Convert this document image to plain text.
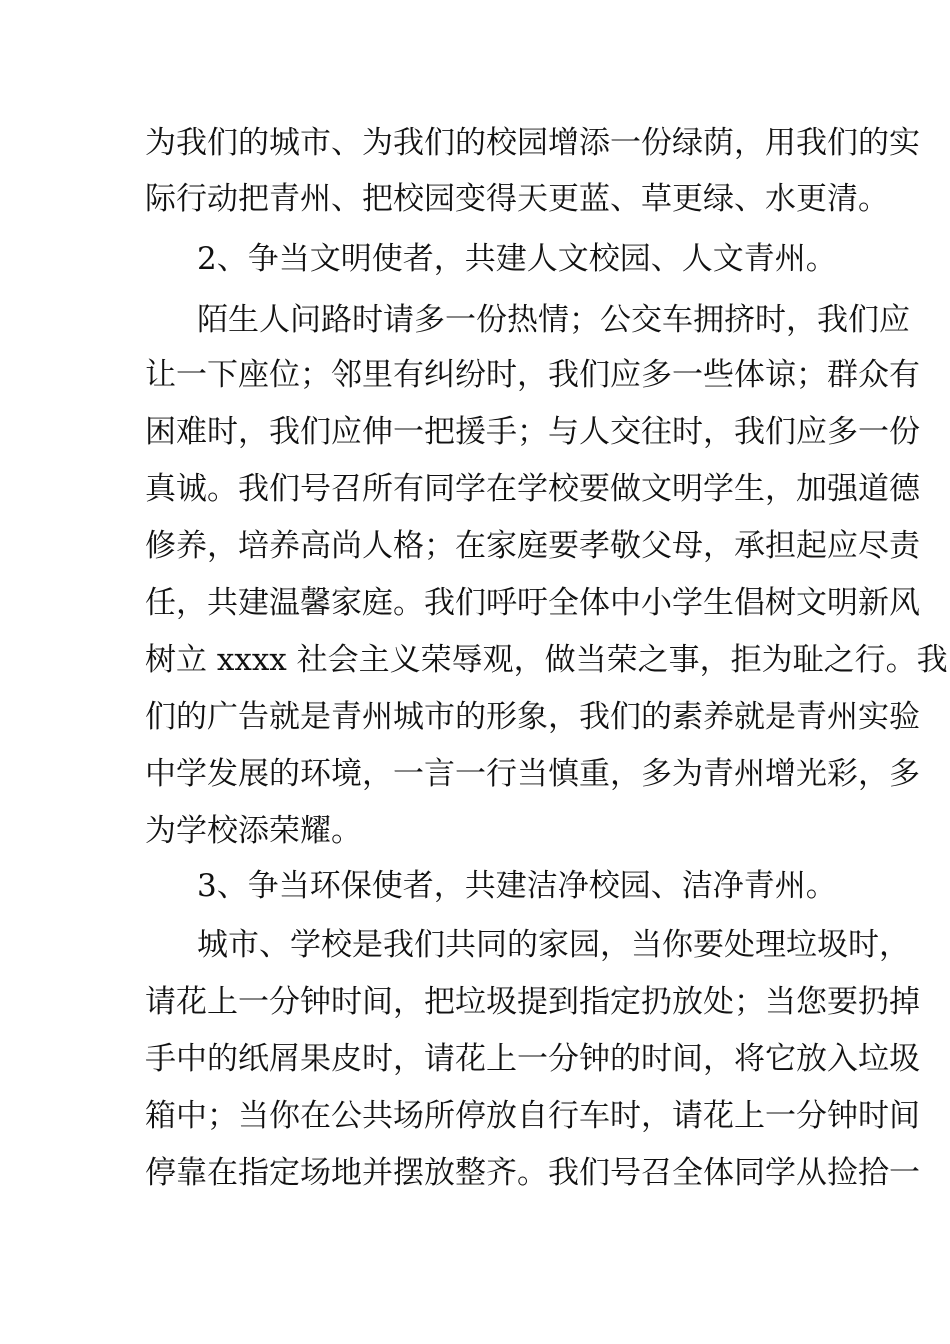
为我们的城市、为我们的校园增添一份绿荫，用我们的实
际行动把青州、把校园变得天更蓝、草更绿、水更清。
2、争当文明使者，共建人文校园、人文青州。
陌生人问路时请多一份热情；公交车拥挤时，我们应
让一下座位；邻里有纠纷时，我们应多一些体谅；群众有
困难时，我们应伸一把援手；与人交往时，我们应多一份
真诚。我们号召所有同学在学校要做文明学生，加强道德
修养，培养高尚人格；在家庭要孝敬父母，承担起应尽责
任，共建温馨家庭。我们呼吁全体中小学生倡树文明新风
树立 xxxx 社会主义荣辱观，做当荣之事，拒为耻之行。我
们的广告就是青州城市的形象，我们的素养就是青州实验
中学发展的环境，一言一行当慎重，多为青州增光彩，多
为学校添荣耀。
3、争当环保使者，共建洁净校园、洁净青州。
城市、学校是我们共同的家园，当你要处理垃圾时，
请花上一分钟时间，把垃圾提到指定扔放处；当您要扔掉
手中的纸屑果皮时，请花上一分钟的时间，将它放入垃圾
箱中；当你在公共场所停放自行车时，请花上一分钟时间
停靠在指定场地并摆放整齐。我们号召全体同学从捡拾一
